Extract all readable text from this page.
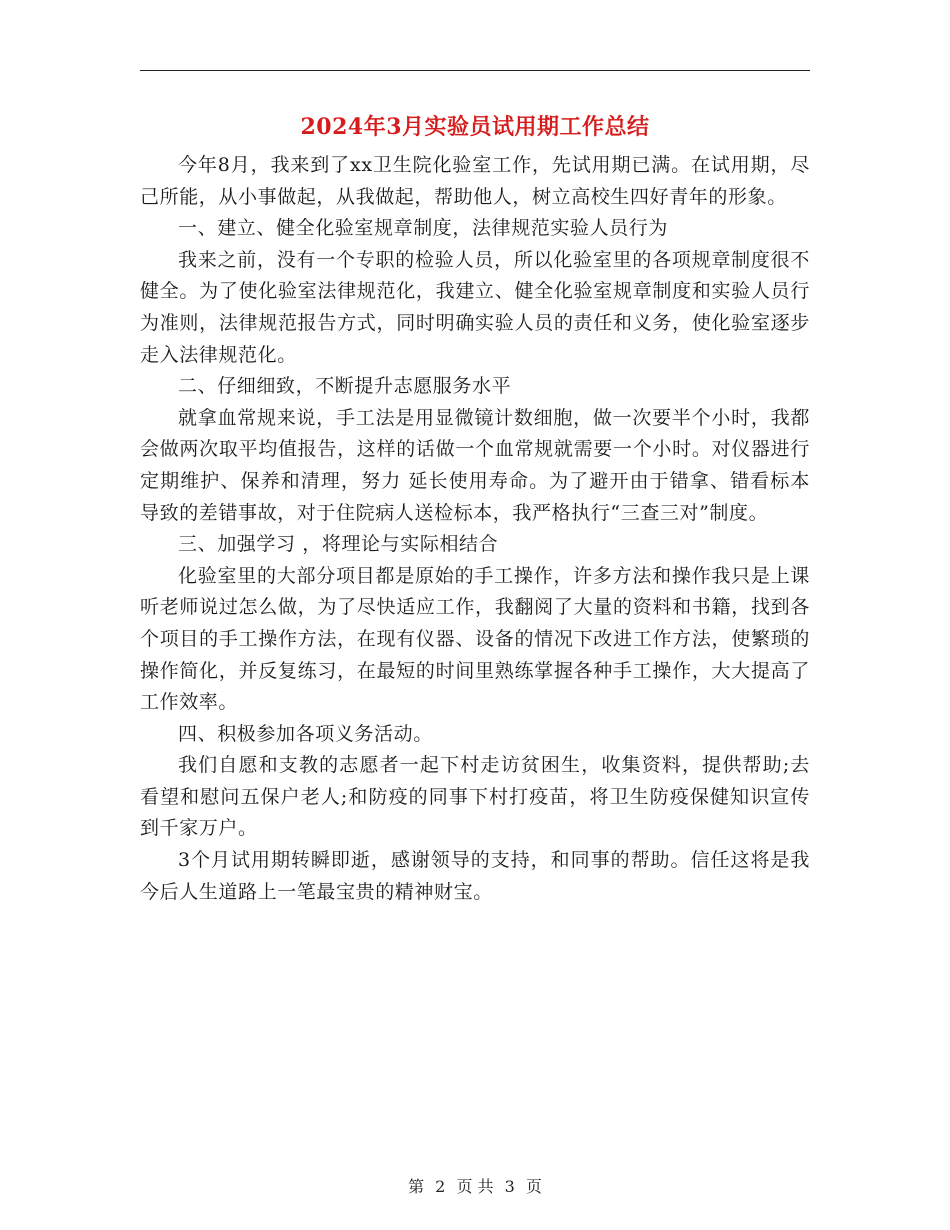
2024年3月实验员试用期工作总结

今年8月，我来到了xx卫生院化验室工作，先试用期已满。在试用期，尽己所能，从小事做起，从我做起，帮助他人，树立高校生四好青年的形象。

一、建立、健全化验室规章制度，法律规范实验人员行为

我来之前，没有一个专职的检验人员，所以化验室里的各项规章制度很不健全。为了使化验室法律规范化，我建立、健全化验室规章制度和实验人员行为准则，法律规范报告方式，同时明确实验人员的责任和义务，使化验室逐步走入法律规范化。

二、仔细细致，不断提升志愿服务水平

就拿血常规来说，手工法是用显微镜计数细胞，做一次要半个小时，我都会做两次取平均值报告，这样的话做一个血常规就需要一个小时。对仪器进行定期维护、保养和清理，努力 延长使用寿命。为了避开由于错拿、错看标本导致的差错事故，对于住院病人送检标本，我严格执行“三查三对”制度。

三、加强学习 ，将理论与实际相结合

化验室里的大部分项目都是原始的手工操作，许多方法和操作我只是上课听老师说过怎么做，为了尽快适应工作，我翻阅了大量的资料和书籍，找到各个项目的手工操作方法，在现有仪器、设备的情况下改进工作方法，使繁琐的操作简化，并反复练习，在最短的时间里熟练掌握各种手工操作，大大提高了工作效率。

四、积极参加各项义务活动。

我们自愿和支教的志愿者一起下村走访贫困生，收集资料，提供帮助;去看望和慰问五保户老人;和防疫的同事下村打疫苗，将卫生防疫保健知识宣传到千家万户。

3个月试用期转瞬即逝，感谢领导的支持，和同事的帮助。信任这将是我今后人生道路上一笔最宝贵的精神财宝。

第 2 页 共 3 页
